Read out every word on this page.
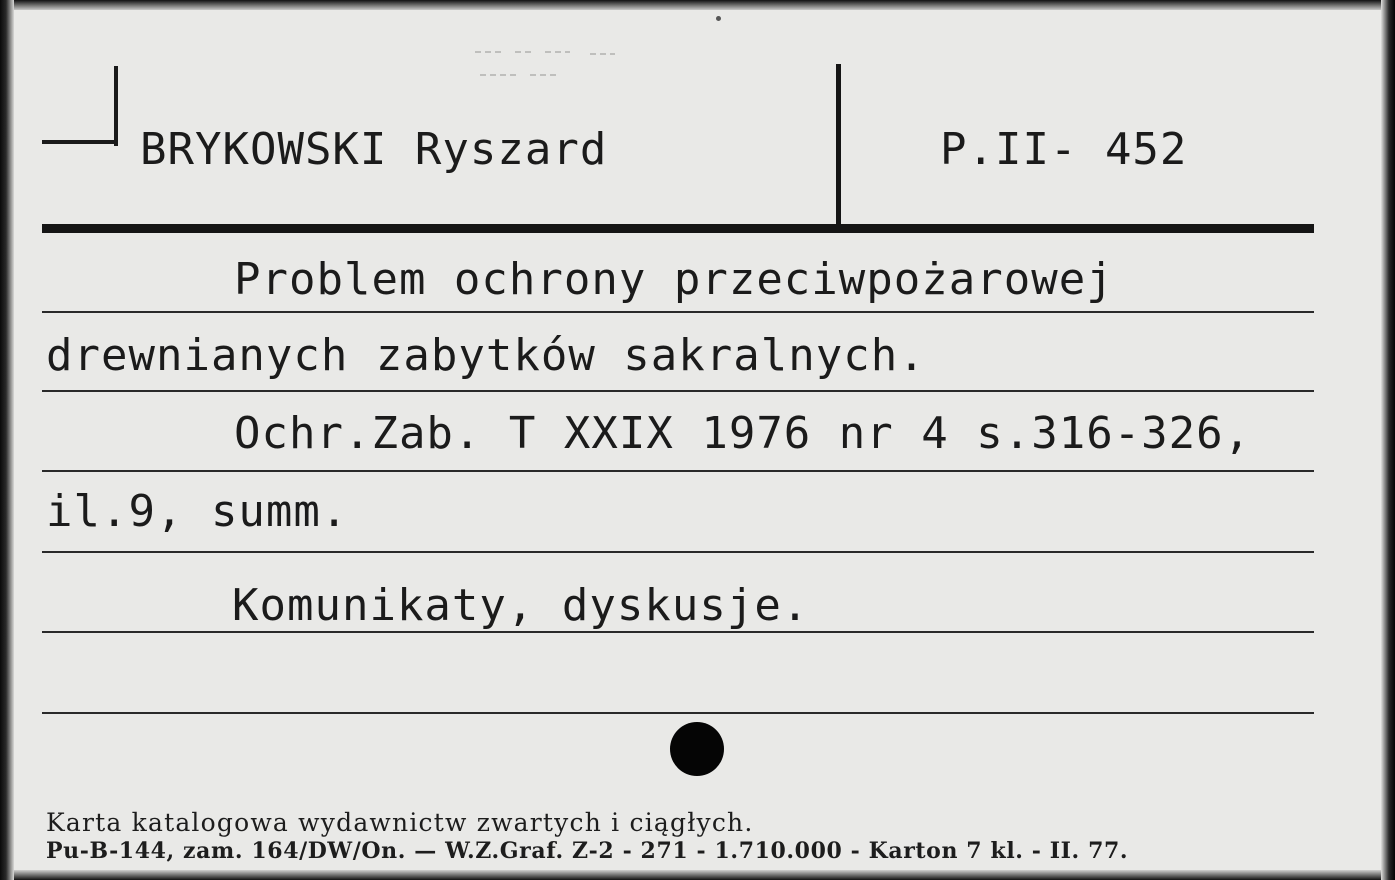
BRYKOWSKI Ryszard	P.II- 452
Problem ochrony przeciwpożarowej
drewnianych zabytków sakralnych.
Ochr.Zab. T XXIX 1976 nr 4 s.316-326,
il.9, summ.
Komunikaty, dyskusje.
Karta katalogowa wydawnictw zwartych i ciągłych.
Pu-B-144, zam. 164/DW/On. — W.Z.Graf. Z-2 - 271 - 1.710.000 - Karton 7 kl. - II. 77.
